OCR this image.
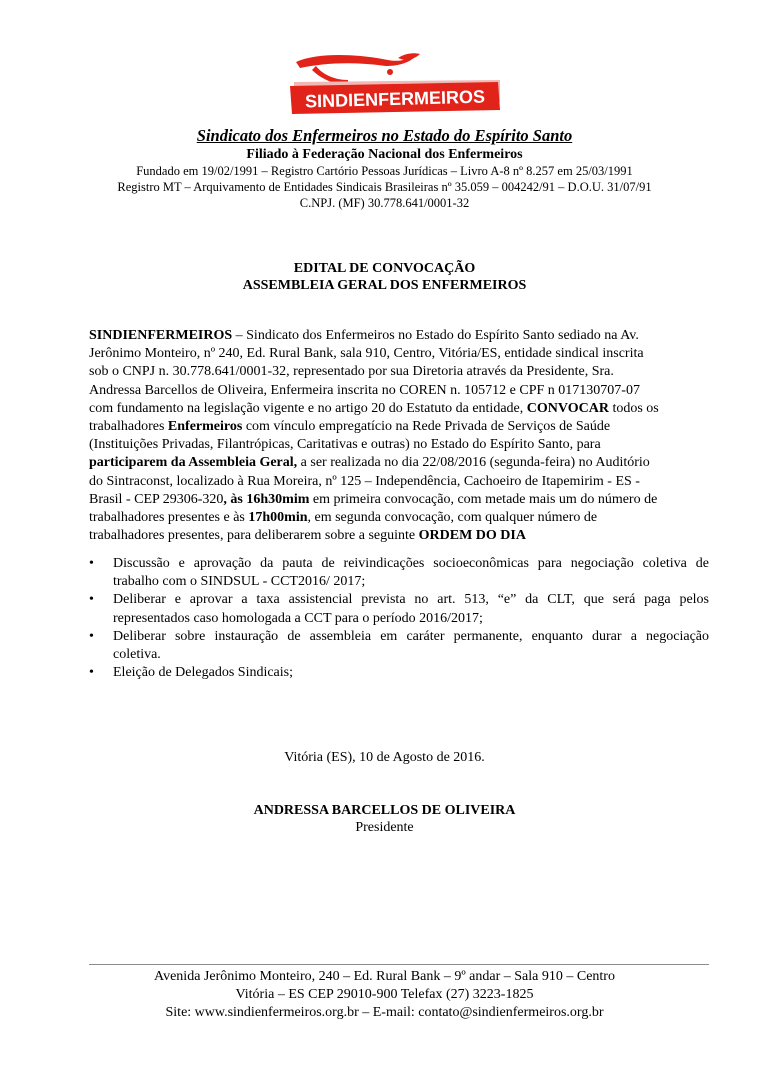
SINDIENFERMEIROS
Sindicato dos Enfermeiros no Estado do Espírito Santo
Filiado à Federação Nacional dos Enfermeiros
Fundado em 19/02/1991 – Registro Cartório Pessoas Jurídicas – Livro A-8 nº 8.257 em 25/03/1991
Registro MT – Arquivamento de Entidades Sindicais Brasileiras nº 35.059 – 004242/91 – D.O.U. 31/07/91
C.NPJ. (MF) 30.778.641/0001-32
EDITAL DE CONVOCAÇÃO
ASSEMBLEIA GERAL DOS ENFERMEIROS
SINDIENFERMEIROS – Sindicato dos Enfermeiros no Estado do Espírito Santo sediado na Av.
Jerônimo Monteiro, nº 240, Ed. Rural Bank, sala 910, Centro, Vitória/ES, entidade sindical inscrita
sob o CNPJ n. 30.778.641/0001-32, representado por sua Diretoria através da Presidente, Sra.
Andressa Barcellos de Oliveira, Enfermeira inscrita no COREN n. 105712 e CPF n 017130707-07
com fundamento na legislação vigente e no artigo 20 do Estatuto da entidade, CONVOCAR todos os
trabalhadores Enfermeiros com vínculo empregatício na Rede Privada de Serviços de Saúde
(Instituições Privadas, Filantrópicas, Caritativas e outras) no Estado do Espírito Santo, para
participarem da Assembleia Geral, a ser realizada no dia 22/08/2016 (segunda-feira) no Auditório
do Sintraconst, localizado à Rua Moreira, nº 125 – Independência, Cachoeiro de Itapemirim - ES -
Brasil - CEP 29306-320, às 16h30mim em primeira convocação, com metade mais um do número de
trabalhadores presentes e às 17h00min, em segunda convocação, com qualquer número de
trabalhadores presentes, para deliberarem sobre a seguinte ORDEM DO DIA
• Discussão e aprovação da pauta de reivindicações socioeconômicas para negociação coletiva de
trabalho com o SINDSUL - CCT2016/ 2017;
• Deliberar e aprovar a taxa assistencial prevista no art. 513, “e” da CLT, que será paga pelos
representados caso homologada a CCT para o período 2016/2017;
• Deliberar sobre instauração de assembleia em caráter permanente, enquanto durar a negociação
coletiva.
• Eleição de Delegados Sindicais;
Vitória (ES), 10 de Agosto de 2016.
ANDRESSA BARCELLOS DE OLIVEIRA
Presidente
Avenida Jerônimo Monteiro, 240 – Ed. Rural Bank – 9º andar – Sala 910 – Centro
Vitória – ES CEP 29010-900 Telefax (27) 3223-1825
Site: www.sindienfermeiros.org.br – E-mail: contato@sindienfermeiros.org.br
